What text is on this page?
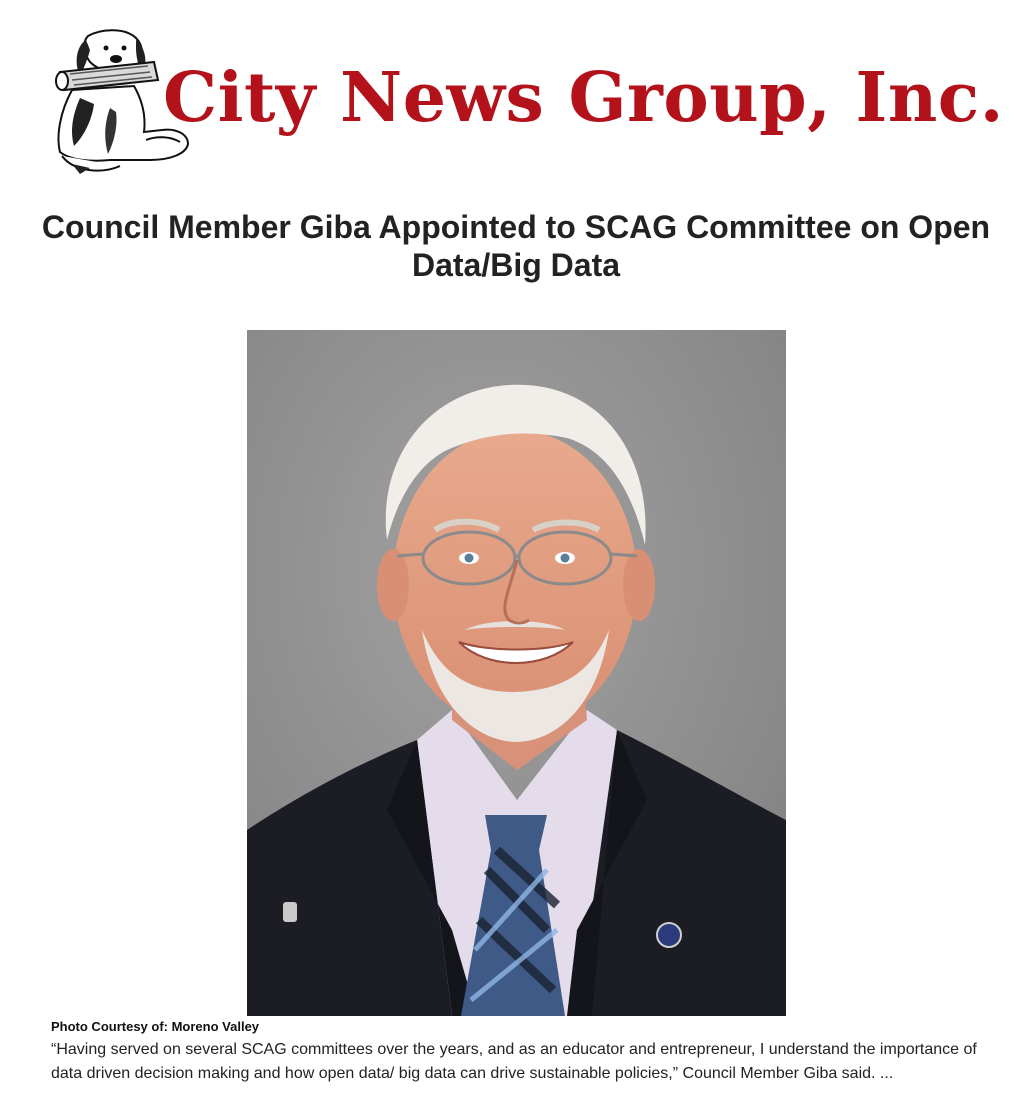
City News Group, Inc.
Council Member Giba Appointed to SCAG Committee on Open Data/Big Data
Photo Courtesy of: Moreno Valley

“Having served on several SCAG committees over the years, and as an educator and entrepreneur, I understand the importance of data driven decision making and how open data/ big data can drive sustainable policies,” Council Member Giba said. ...
